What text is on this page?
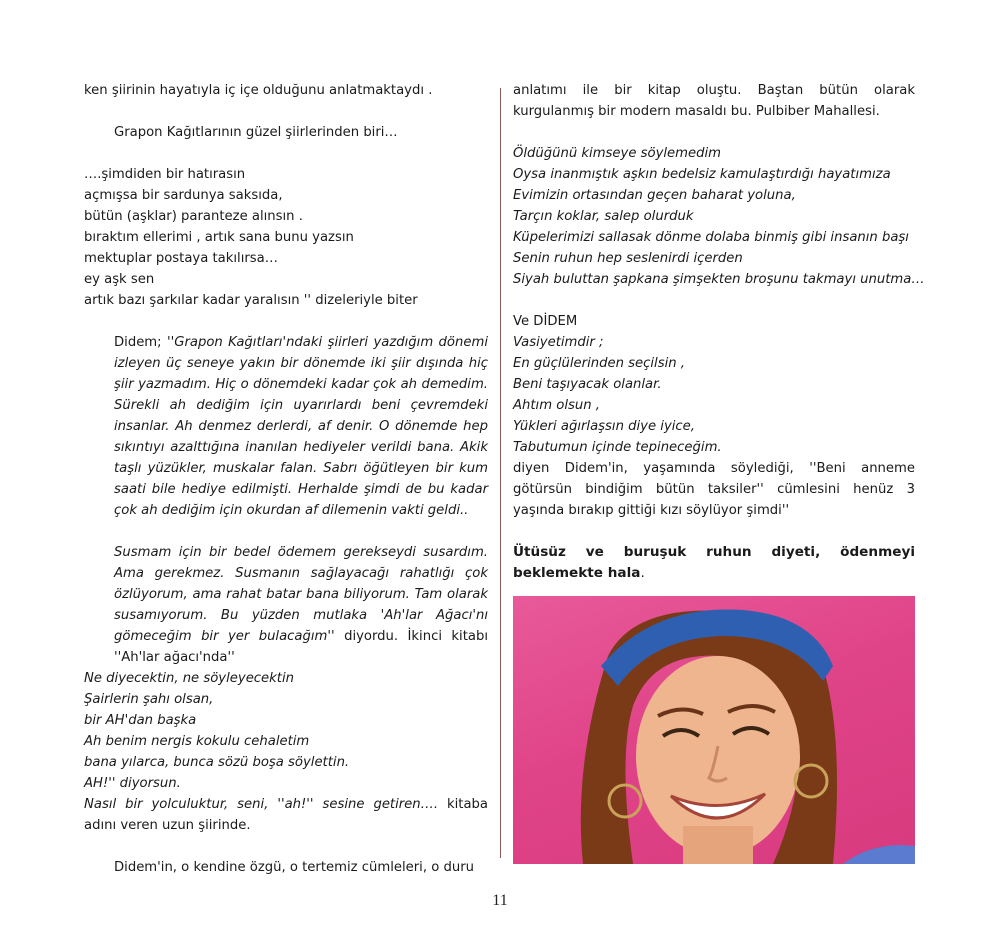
ken şiirinin hayatıyla iç içe olduğunu anlatmaktaydı .

Grapon Kağıtlarının güzel şiirlerinden biri…

….şimdiden bir hatırasın

açmışsa bir sardunya saksıda,

bütün (aşklar) paranteze alınsın .

bıraktım ellerimi , artık sana bunu yazsın

mektuplar postaya takılırsa…

ey aşk sen

artık bazı şarkılar kadar yaralısın '' dizeleriyle biter

Didem; ''Grapon Kağıtları'ndaki şiirleri yazdığım dönemi izleyen üç seneye yakın bir dönemde iki şiir dışında hiç şiir yazmadım. Hiç o dönemdeki kadar çok ah demedim. Sürekli ah dediğim için uyarırlardı beni çevremdeki insanlar. Ah denmez derlerdi, af denir. O dönemde hep sıkıntıyı azalttığına inanılan hediyeler verildi bana. Akik taşlı yüzükler, muskalar falan. Sabrı öğütleyen bir kum saati bile hediye edilmişti. Herhalde şimdi de bu kadar çok ah dediğim için okurdan af dilemenin vakti geldi..

Susmam için bir bedel ödemem gerekseydi susardım. Ama gerekmez. Susmanın sağlayacağı rahatlığı çok özlüyorum, ama rahat batar bana biliyorum. Tam olarak susamıyorum. Bu yüzden mutlaka 'Ah'lar Ağacı'nı gömeceğim bir yer bulacağım'' diyordu. İkinci kitabı ''Ah'lar ağacı'nda''

Ne diyecektin, ne söyleyecektin

Şairlerin şahı olsan,

bir AH'dan başka

Ah benim nergis kokulu cehaletim

bana yılarca, bunca sözü boşa söylettin.

AH!'' diyorsun.

Nasıl bir yolculuktur, seni, ''ah!'' sesine getiren…. kitaba adını veren uzun şiirinde.

Didem'in, o kendine özgü, o tertemiz cümleleri, o duru

anlatımı ile bir kitap oluştu. Baştan bütün olarak kurgulanmış bir modern masaldı bu. Pulbiber Mahallesi.

Öldüğünü kimseye söylemedim

Oysa inanmıştık aşkın bedelsiz kamulaştırdığı hayatımıza

Evimizin ortasından geçen baharat yoluna,

Tarçın koklar, salep olurduk

Küpelerimizi sallasak dönme dolaba binmiş gibi insanın başı

Senin ruhun hep seslenirdi içerden

Siyah buluttan şapkana şimşekten broşunu takmayı unutma…

Ve DİDEM

Vasiyetimdir ;

En güçlülerinden seçilsin ,

Beni taşıyacak olanlar.

Ahtım olsun ,

Yükleri ağırlaşsın diye iyice,

Tabutumun içinde tepineceğim.

diyen Didem'in, yaşamında söylediği, ''Beni anneme götürsün bindiğim bütün taksiler'' cümlesini henüz 3 yaşında bırakıp gittiği kızı söylüyor şimdi''

Ütüsüz ve buruşuk ruhun diyeti, ödenmeyi beklemekte hala.

11
